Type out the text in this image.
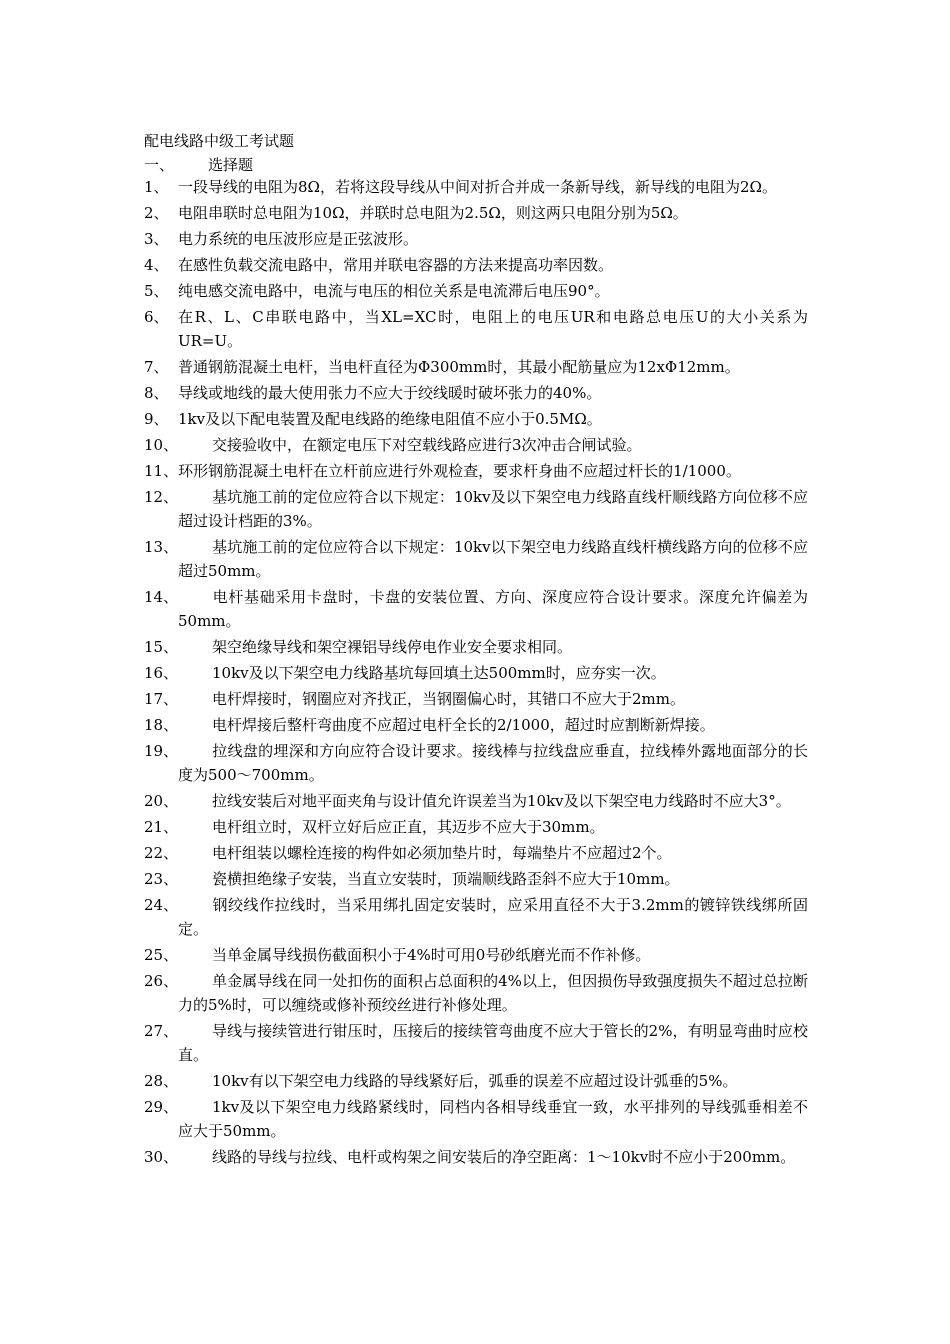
配电线路中级工考试题
一、 选择题
1、 一段导线的电阻为8Ω，若将这段导线从中间对折合并成一条新导线，新导线的电阻为2Ω。
2、 电阻串联时总电阻为10Ω，并联时总电阻为2.5Ω，则这两只电阻分别为5Ω。
3、 电力系统的电压波形应是正弦波形。
4、 在感性负载交流电路中，常用并联电容器的方法来提高功率因数。
5、 纯电感交流电路中，电流与电压的相位关系是电流滞后电压90°。
6、 在R、L、C串联电路中，当XL=XC时，电阻上的电压UR和电路总电压U的大小关系为UR=U。
7、 普通钢筋混凝土电杆，当电杆直径为Φ300mm时，其最小配筋量应为12xΦ12mm。
8、 导线或地线的最大使用张力不应大于绞线暖时破坏张力的40%。
9、 1kv及以下配电装置及配电线路的绝缘电阻值不应小于0.5MΩ。
10、 交接验收中，在额定电压下对空载线路应进行3次冲击合闸试验。
11、环形钢筋混凝土电杆在立杆前应进行外观检查，要求杆身曲不应超过杆长的1/1000。
12、 基坑施工前的定位应符合以下规定：10kv及以下架空电力线路直线杆顺线路方向位移不应超过设计档距的3%。
13、 基坑施工前的定位应符合以下规定：10kv以下架空电力线路直线杆横线路方向的位移不应超过50mm。
14、 电杆基础采用卡盘时，卡盘的安装位置、方向、深度应符合设计要求。深度允许偏差为50mm。
15、 架空绝缘导线和架空裸铝导线停电作业安全要求相同。
16、 10kv及以下架空电力线路基坑每回填土达500mm时，应夯实一次。
17、 电杆焊接时，钢圈应对齐找正，当钢圈偏心时，其错口不应大于2mm。
18、 电杆焊接后整杆弯曲度不应超过电杆全长的2/1000，超过时应割断新焊接。
19、 拉线盘的埋深和方向应符合设计要求。接线棒与拉线盘应垂直，拉线棒外露地面部分的长度为500～700mm。
20、 拉线安装后对地平面夹角与设计值允许误差当为10kv及以下架空电力线路时不应大3°。
21、 电杆组立时，双杆立好后应正直，其迈步不应大于30mm。
22、 电杆组装以螺栓连接的构件如必须加垫片时，每端垫片不应超过2个。
23、 瓷横担绝缘子安装，当直立安装时，顶端顺线路歪斜不应大于10mm。
24、 钢绞线作拉线时，当采用绑扎固定安装时，应采用直径不大于3.2mm的镀锌铁线绑所固定。
25、 当单金属导线损伤截面积小于4%时可用0号砂纸磨光而不作补修。
26、 单金属导线在同一处扣伤的面积占总面积的4%以上，但因损伤导致强度损失不超过总拉断力的5%时，可以缠绕或修补预绞丝进行补修处理。
27、 导线与接续管进行钳压时，压接后的接续管弯曲度不应大于管长的2%，有明显弯曲时应校直。
28、 10kv有以下架空电力线路的导线紧好后，弧垂的误差不应超过设计弧垂的5%。
29、 1kv及以下架空电力线路紧线时，同档内各相导线垂宜一致，水平排列的导线弧垂相差不应大于50mm。
30、 线路的导线与拉线、电杆或构架之间安装后的净空距离：1～10kv时不应小于200mm。
